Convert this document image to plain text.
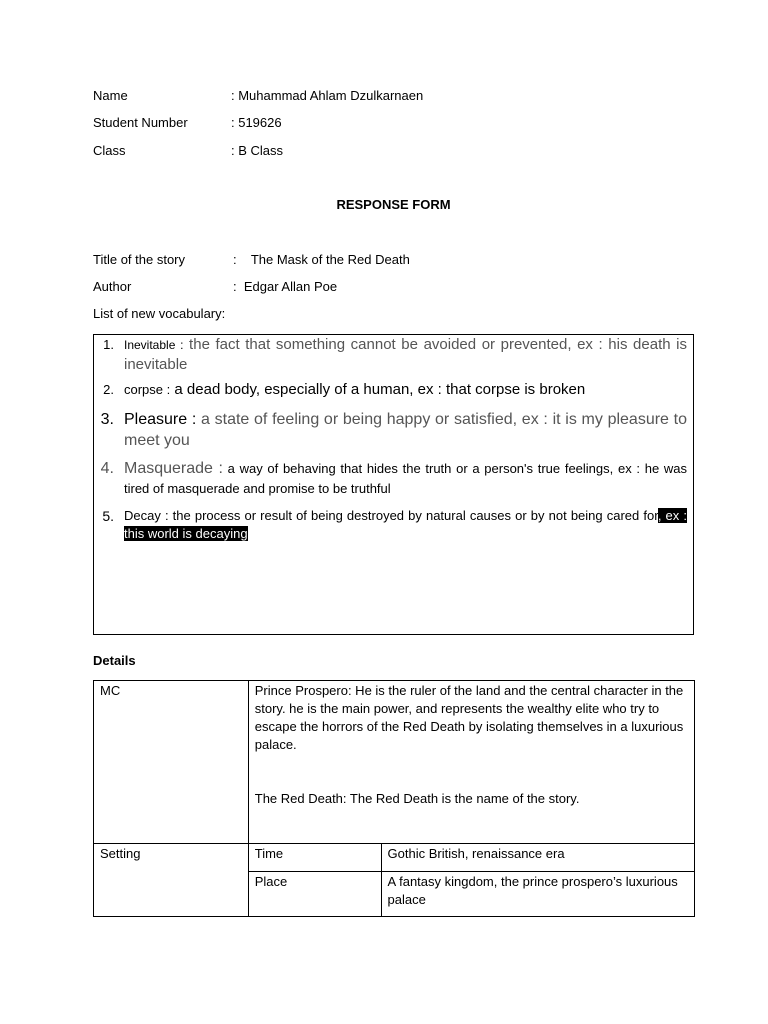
Name	: Muhammad Ahlam Dzulkarnaen
Student Number	: 519626
Class	: B Class
RESPONSE FORM
Title of the story	:    The Mask of the Red Death
Author	:  Edgar Allan Poe
List of new vocabulary:
1. Inevitable : the fact that something cannot be avoided or prevented, ex : his death is inevitable
2. corpse : a dead body, especially of a human, ex : that corpse is broken
3. Pleasure : a state of feeling or being happy or satisfied, ex : it is my pleasure to meet you
4. Masquerade : a way of behaving that hides the truth or a person's true feelings, ex : he was tired of masquerade and promise to be truthful
5. Decay : the process or result of being destroyed by natural causes or by not being cared for, ex : this world is decaying
Details
MC	Prince Prospero: He is the ruler of the land and the central character in the story. he is the main power, and represents the wealthy elite who try to escape the horrors of the Red Death by isolating themselves in a luxurious palace.
The Red Death: The Red Death is the name of the story.	

Setting	Time	Gothic British, renaissance era
	Place	A fantasy kingdom, the prince prospero’s luxurious palace
